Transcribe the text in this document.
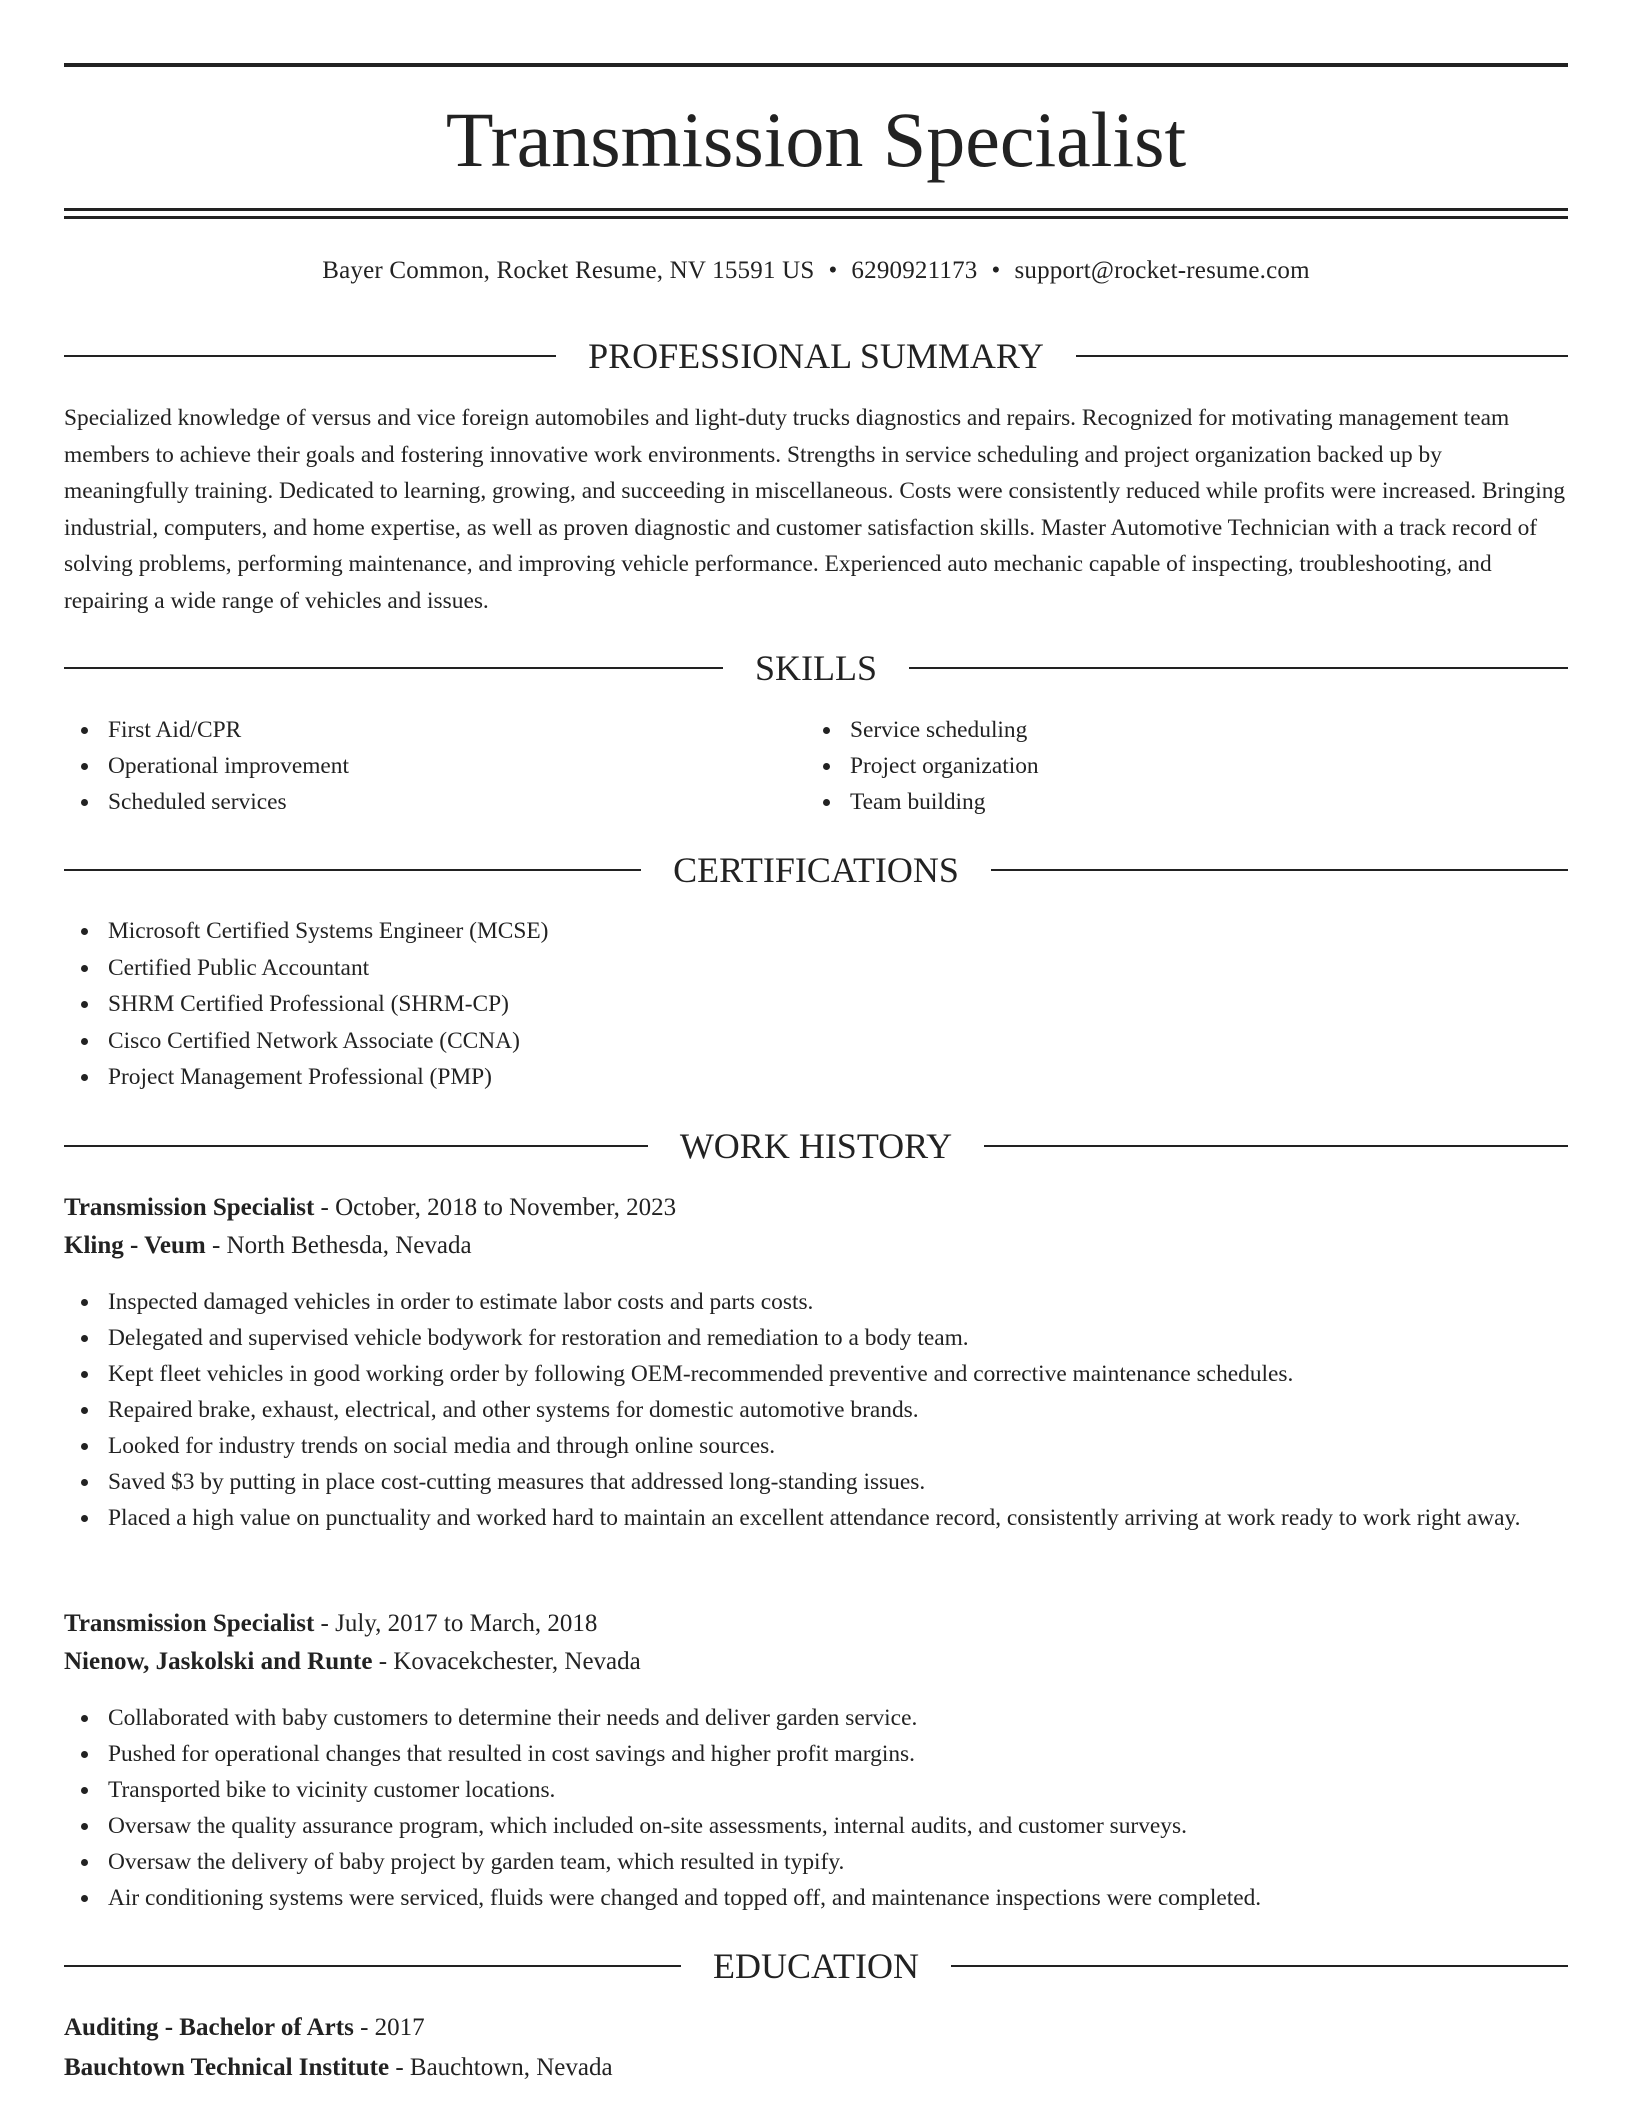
Transmission Specialist
Bayer Common, Rocket Resume, NV 15591 US • 6290921173 • support@rocket-resume.com
PROFESSIONAL SUMMARY

Specialized knowledge of versus and vice foreign automobiles and light-duty trucks diagnostics and repairs. Recognized for motivating management team members to achieve their goals and fostering innovative work environments. Strengths in service scheduling and project organization backed up by meaningfully training. Dedicated to learning, growing, and succeeding in miscellaneous. Costs were consistently reduced while profits were increased. Bringing industrial, computers, and home expertise, as well as proven diagnostic and customer satisfaction skills. Master Automotive Technician with a track record of solving problems, performing maintenance, and improving vehicle performance. Experienced auto mechanic capable of inspecting, troubleshooting, and repairing a wide range of vehicles and issues.

SKILLS
First Aid/CPR
Operational improvement
Scheduled services
Service scheduling
Project organization
Team building
CERTIFICATIONS
Microsoft Certified Systems Engineer (MCSE)
Certified Public Accountant
SHRM Certified Professional (SHRM-CP)
Cisco Certified Network Associate (CCNA)
Project Management Professional (PMP)
WORK HISTORY
Transmission Specialist - October, 2018 to November, 2023
Kling - Veum - North Bethesda, Nevada
Inspected damaged vehicles in order to estimate labor costs and parts costs.
Delegated and supervised vehicle bodywork for restoration and remediation to a body team.
Kept fleet vehicles in good working order by following OEM-recommended preventive and corrective maintenance schedules.
Repaired brake, exhaust, electrical, and other systems for domestic automotive brands.
Looked for industry trends on social media and through online sources.
Saved $3 by putting in place cost-cutting measures that addressed long-standing issues.
Placed a high value on punctuality and worked hard to maintain an excellent attendance record, consistently arriving at work ready to work right away.
Transmission Specialist - July, 2017 to March, 2018
Nienow, Jaskolski and Runte - Kovacekchester, Nevada
Collaborated with baby customers to determine their needs and deliver garden service.
Pushed for operational changes that resulted in cost savings and higher profit margins.
Transported bike to vicinity customer locations.
Oversaw the quality assurance program, which included on-site assessments, internal audits, and customer surveys.
Oversaw the delivery of baby project by garden team, which resulted in typify.
Air conditioning systems were serviced, fluids were changed and topped off, and maintenance inspections were completed.
EDUCATION
Auditing - Bachelor of Arts - 2017
Bauchtown Technical Institute - Bauchtown, Nevada
